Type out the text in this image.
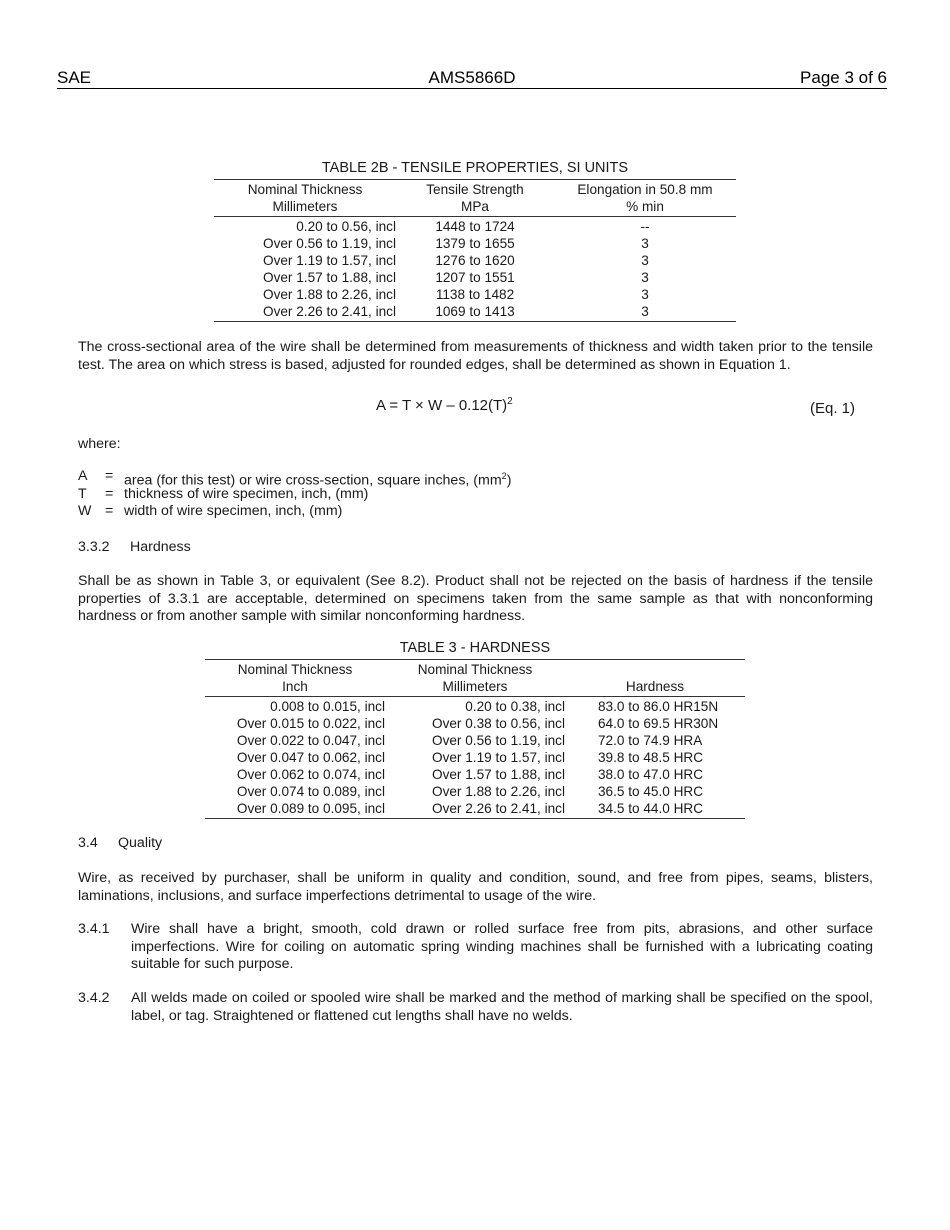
SAE	AMS5866D	Page 3 of 6
TABLE 2B - TENSILE PROPERTIES, SI UNITS
Nominal Thickness	Tensile Strength	Elongation in 50.8 mm
Millimeters	MPa	% min
0.20 to 0.56, incl	1448 to 1724	--
Over 0.56 to 1.19, incl	1379 to 1655	3
Over 1.19 to 1.57, incl	1276 to 1620	3
Over 1.57 to 1.88, incl	1207 to 1551	3
Over 1.88 to 2.26, incl	1138 to 1482	3
Over 2.26 to 2.41, incl	1069 to 1413	3

The cross-sectional area of the wire shall be determined from measurements of thickness and width taken prior to the tensile test. The area on which stress is based, adjusted for rounded edges, shall be determined as shown in Equation 1.

$A = T \times W - 0.12(T)^2$	(Eq. 1)
where:
A = area (for this test) or wire cross-section, square inches, $(mm^2)$
T = thickness of wire specimen, inch, (mm)
W = width of wire specimen, inch, (mm)
3.3.2 Hardness

Shall be as shown in Table 3, or equivalent (See 8.2). Product shall not be rejected on the basis of hardness if the tensile properties of 3.3.1 are acceptable, determined on specimens taken from the same sample as that with nonconforming hardness or from another sample with similar nonconforming hardness.

TABLE 3 - HARDNESS
Nominal Thickness	Nominal Thickness	
Inch	Millimeters	Hardness
0.008 to 0.015, incl	0.20 to 0.38, incl	83.0 to 86.0 HR15N
Over 0.015 to 0.022, incl	Over 0.38 to 0.56, incl	64.0 to 69.5 HR30N
Over 0.022 to 0.047, incl	Over 0.56 to 1.19, incl	72.0 to 74.9 HRA
Over 0.047 to 0.062, incl	Over 1.19 to 1.57, incl	39.8 to 48.5 HRC
Over 0.062 to 0.074, incl	Over 1.57 to 1.88, incl	38.0 to 47.0 HRC
Over 0.074 to 0.089, incl	Over 1.88 to 2.26, incl	36.5 to 45.0 HRC
Over 0.089 to 0.095, incl	Over 2.26 to 2.41, incl	34.5 to 44.0 HRC
3.4 Quality

Wire, as received by purchaser, shall be uniform in quality and condition, sound, and free from pipes, seams, blisters, laminations, inclusions, and surface imperfections detrimental to usage of the wire.

3.4.1 Wire shall have a bright, smooth, cold drawn or rolled surface free from pits, abrasions, and other surface imperfections. Wire for coiling on automatic spring winding machines shall be furnished with a lubricating coating suitable for such purpose.
3.4.2 All welds made on coiled or spooled wire shall be marked and the method of marking shall be specified on the spool, label, or tag. Straightened or flattened cut lengths shall have no welds.
